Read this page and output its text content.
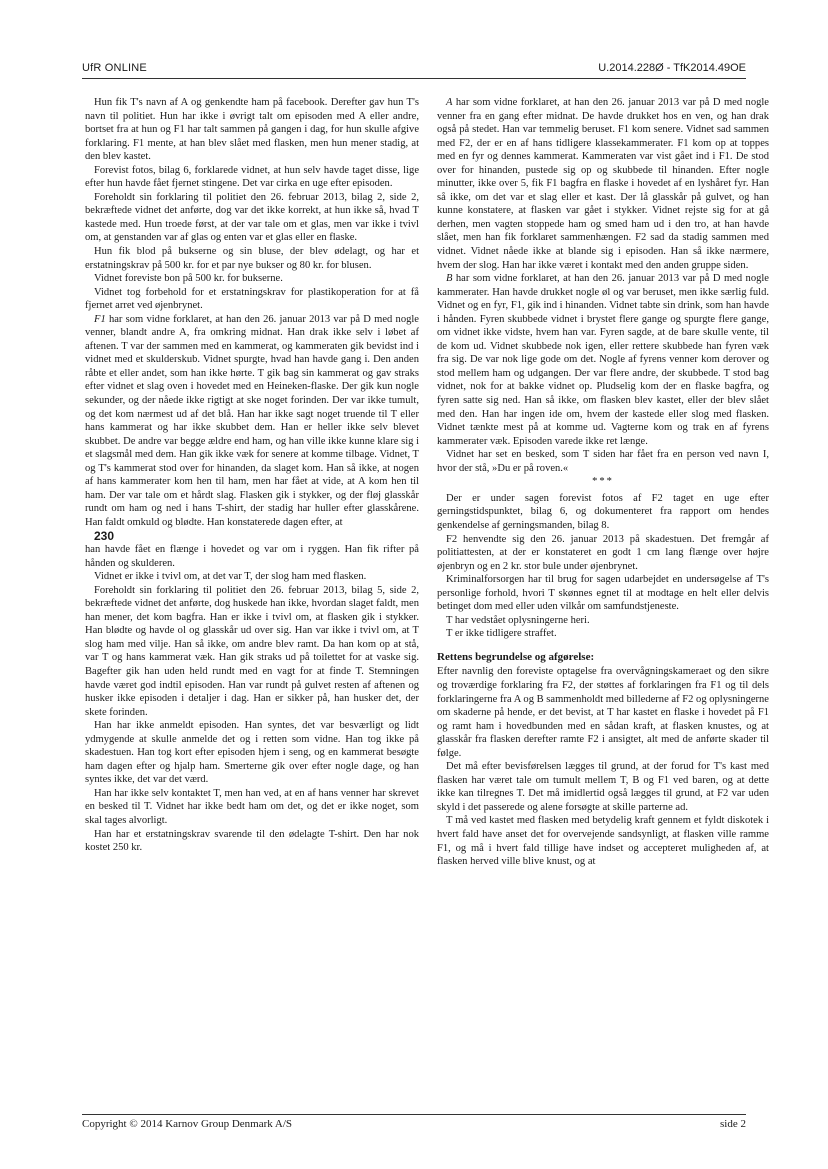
UfR ONLINE	U.2014.228Ø - TfK2014.49OE

Hun fik T's navn af A og genkendte ham på facebook. Derefter gav hun T's navn til politiet. Hun har ikke i øvrigt talt om episoden med A eller andre, bortset fra at hun og F1 har talt sammen på gangen i dag, for hun skulle afgive forklaring. F1 mente, at han blev slået med flasken, men hun mener stadig, at den blev kastet.

Forevist fotos, bilag 6, forklarede vidnet, at hun selv havde taget disse, lige efter hun havde fået fjernet stingene. Det var cirka en uge efter episoden.

Foreholdt sin forklaring til politiet den 26. februar 2013, bilag 2, side 2, bekræftede vidnet det anførte, dog var det ikke korrekt, at hun ikke så, hvad T kastede med. Hun troede først, at der var tale om et glas, men var ikke i tvivl om, at genstanden var af glas og enten var et glas eller en flaske.

Hun fik blod på bukserne og sin bluse, der blev ødelagt, og har et erstatningskrav på 500 kr. for et par nye bukser og 80 kr. for blusen.

Vidnet foreviste bon på 500 kr. for bukserne.

Vidnet tog forbehold for et erstatningskrav for plastikoperation for at få fjernet arret ved øjenbrynet.

F1 har som vidne forklaret, at han den 26. januar 2013 var på D med nogle venner, blandt andre A, fra omkring midnat. Han drak ikke selv i løbet af aftenen. T var der sammen med en kammerat, og kammeraten gik bevidst ind i vidnet med et skulderskub. Vidnet spurgte, hvad han havde gang i. Den anden råbte et eller andet, som han ikke hørte. T gik bag sin kammerat og gav straks efter vidnet et slag oven i hovedet med en Heineken-flaske. Der gik kun nogle sekunder, og der nåede ikke rigtigt at ske noget forinden. Der var ikke tumult, og det kom nærmest ud af det blå. Han har ikke sagt noget truende til T eller hans kammerat og har ikke skubbet dem. Han er heller ikke selv blevet skubbet. De andre var begge ældre end ham, og han ville ikke kunne klare sig i et slagsmål med dem. Han gik ikke væk for senere at komme tilbage. Vidnet, T og T's kammerat stod over for hinanden, da slaget kom. Han så ikke, at nogen af hans kammerater kom hen til ham, men har fået at vide, at A kom hen til ham. Der var tale om et hårdt slag. Flasken gik i stykker, og der fløj glasskår rundt om ham og ned i hans T-shirt, der stadig har huller efter glasskårene. Han faldt omkuld og blødte. Han konstaterede dagen efter, at

230

han havde fået en flænge i hovedet og var om i ryggen. Han fik rifter på hånden og skulderen.

Vidnet er ikke i tvivl om, at det var T, der slog ham med flasken.

Foreholdt sin forklaring til politiet den 26. februar 2013, bilag 5, side 2, bekræftede vidnet det anførte, dog huskede han ikke, hvordan slaget faldt, men han mener, det kom bagfra. Han er ikke i tvivl om, at flasken gik i stykker. Han blødte og havde ol og glasskår ud over sig. Han var ikke i tvivl om, at T slog ham med vilje. Han så ikke, om andre blev ramt. Da han kom op at stå, var T og hans kammerat væk. Han gik straks ud på toilettet for at vaske sig. Bagefter gik han uden held rundt med en vagt for at finde T. Stemningen havde været god indtil episoden. Han var rundt på gulvet resten af aftenen og husker ikke episoden i detaljer i dag. Han er sikker på, han husker det, der skete forinden.

Han har ikke anmeldt episoden. Han syntes, det var besværligt og lidt ydmygende at skulle anmelde det og i retten som vidne. Han tog ikke på skadestuen. Han tog kort efter episoden hjem i seng, og en kammerat besøgte ham dagen efter og hjalp ham. Smerterne gik over efter nogle dage, og han syntes ikke, det var det værd.

Han har ikke selv kontaktet T, men han ved, at en af hans venner har skrevet en besked til T. Vidnet har ikke bedt ham om det, og det er ikke noget, som skal tages alvorligt.

Han har et erstatningskrav svarende til den ødelagte T-shirt. Den har nok kostet 250 kr.

A har som vidne forklaret, at han den 26. januar 2013 var på D med nogle venner fra en gang efter midnat. De havde drukket hos en ven, og han drak også på stedet. Han var temmelig beruset. F1 kom senere. Vidnet sad sammen med F2, der er en af hans tidligere klassekammerater. F1 kom op at toppes med en fyr og dennes kammerat. Kammeraten var vist gået ind i F1. De stod over for hinanden, pustede sig op og skubbede til hinanden. Efter nogle minutter, ikke over 5, fik F1 bagfra en flaske i hovedet af en lyshåret fyr. Han så ikke, om det var et slag eller et kast. Der lå glasskår på gulvet, og han kunne konstatere, at flasken var gået i stykker. Vidnet rejste sig for at gå derhen, men vagten stoppede ham og smed ham ud i den tro, at han havde slået, men han fik forklaret sammenhængen. F2 sad da stadig sammen med vidnet. Vidnet nåede ikke at blande sig i episoden. Han så ikke nærmere, hvem der slog. Han har ikke været i kontakt med den anden gruppe siden.

B har som vidne forklaret, at han den 26. januar 2013 var på D med nogle kammerater. Han havde drukket nogle øl og var beruset, men ikke særlig fuld. Vidnet og en fyr, F1, gik ind i hinanden. Vidnet tabte sin drink, som han havde i hånden. Fyren skubbede vidnet i brystet flere gange og spurgte flere gange, om vidnet ikke vidste, hvem han var. Fyren sagde, at de bare skulle vente, til de kom ud. Vidnet skubbede nok igen, eller rettere skubbede han fyren væk fra sig. De var nok lige gode om det. Nogle af fyrens venner kom derover og stod mellem ham og udgangen. Der var flere andre, der skubbede. T stod bag vidnet, nok for at bakke vidnet op. Pludselig kom der en flaske bagfra, og fyren satte sig ned. Han så ikke, om flasken blev kastet, eller der blev slået med den. Han har ingen ide om, hvem der kastede eller slog med flasken. Vidnet tænkte mest på at komme ud. Vagterne kom og trak en af fyrens kammerater væk. Episoden varede ikke ret længe.

Vidnet har set en besked, som T siden har fået fra en person ved navn I, hvor der stå, »Du er på roven.«

***

Der er under sagen forevist fotos af F2 taget en uge efter gerningstidspunktet, bilag 6, og dokumenteret fra rapport om hendes genkendelse af gerningsmanden, bilag 8.

F2 henvendte sig den 26. januar 2013 på skadestuen. Det fremgår af politiattesten, at der er konstateret en godt 1 cm lang flænge over højre øjenbryn og en 2 kr. stor bule under øjenbrynet.

Kriminalforsorgen har til brug for sagen udarbejdet en undersøgelse af T's personlige forhold, hvori T skønnes egnet til at modtage en helt eller delvis betinget dom med eller uden vilkår om samfundstjeneste.

T har vedstået oplysningerne heri.

T er ikke tidligere straffet.

Rettens begrundelse og afgørelse:

Efter navnlig den foreviste optagelse fra overvågningskameraet og den sikre og troværdige forklaring fra F2, der støttes af forklaringen fra F1 og til dels forklaringerne fra A og B sammenholdt med billederne af F2 og oplysningerne om skaderne på hende, er det bevist, at T har kastet en flaske i hovedet på F1 og ramt ham i hovedbunden med en sådan kraft, at flasken knustes, og at glasskår fra flasken derefter ramte F2 i ansigtet, alt med de anførte skader til følge.

Det må efter bevisførelsen lægges til grund, at der forud for T's kast med flasken har været tale om tumult mellem T, B og F1 ved baren, og at dette ikke kan tilregnes T. Det må imidlertid også lægges til grund, at F2 var uden skyld i det passerede og alene forsøgte at skille parterne ad.

T må ved kastet med flasken med betydelig kraft gennem et fyldt diskotek i hvert fald have anset det for overvejende sandsynligt, at flasken ville ramme F1, og må i hvert fald tillige have indset og accepteret muligheden af, at flasken herved ville blive knust, og at

Copyright © 2014 Karnov Group Denmark A/S	side 2
